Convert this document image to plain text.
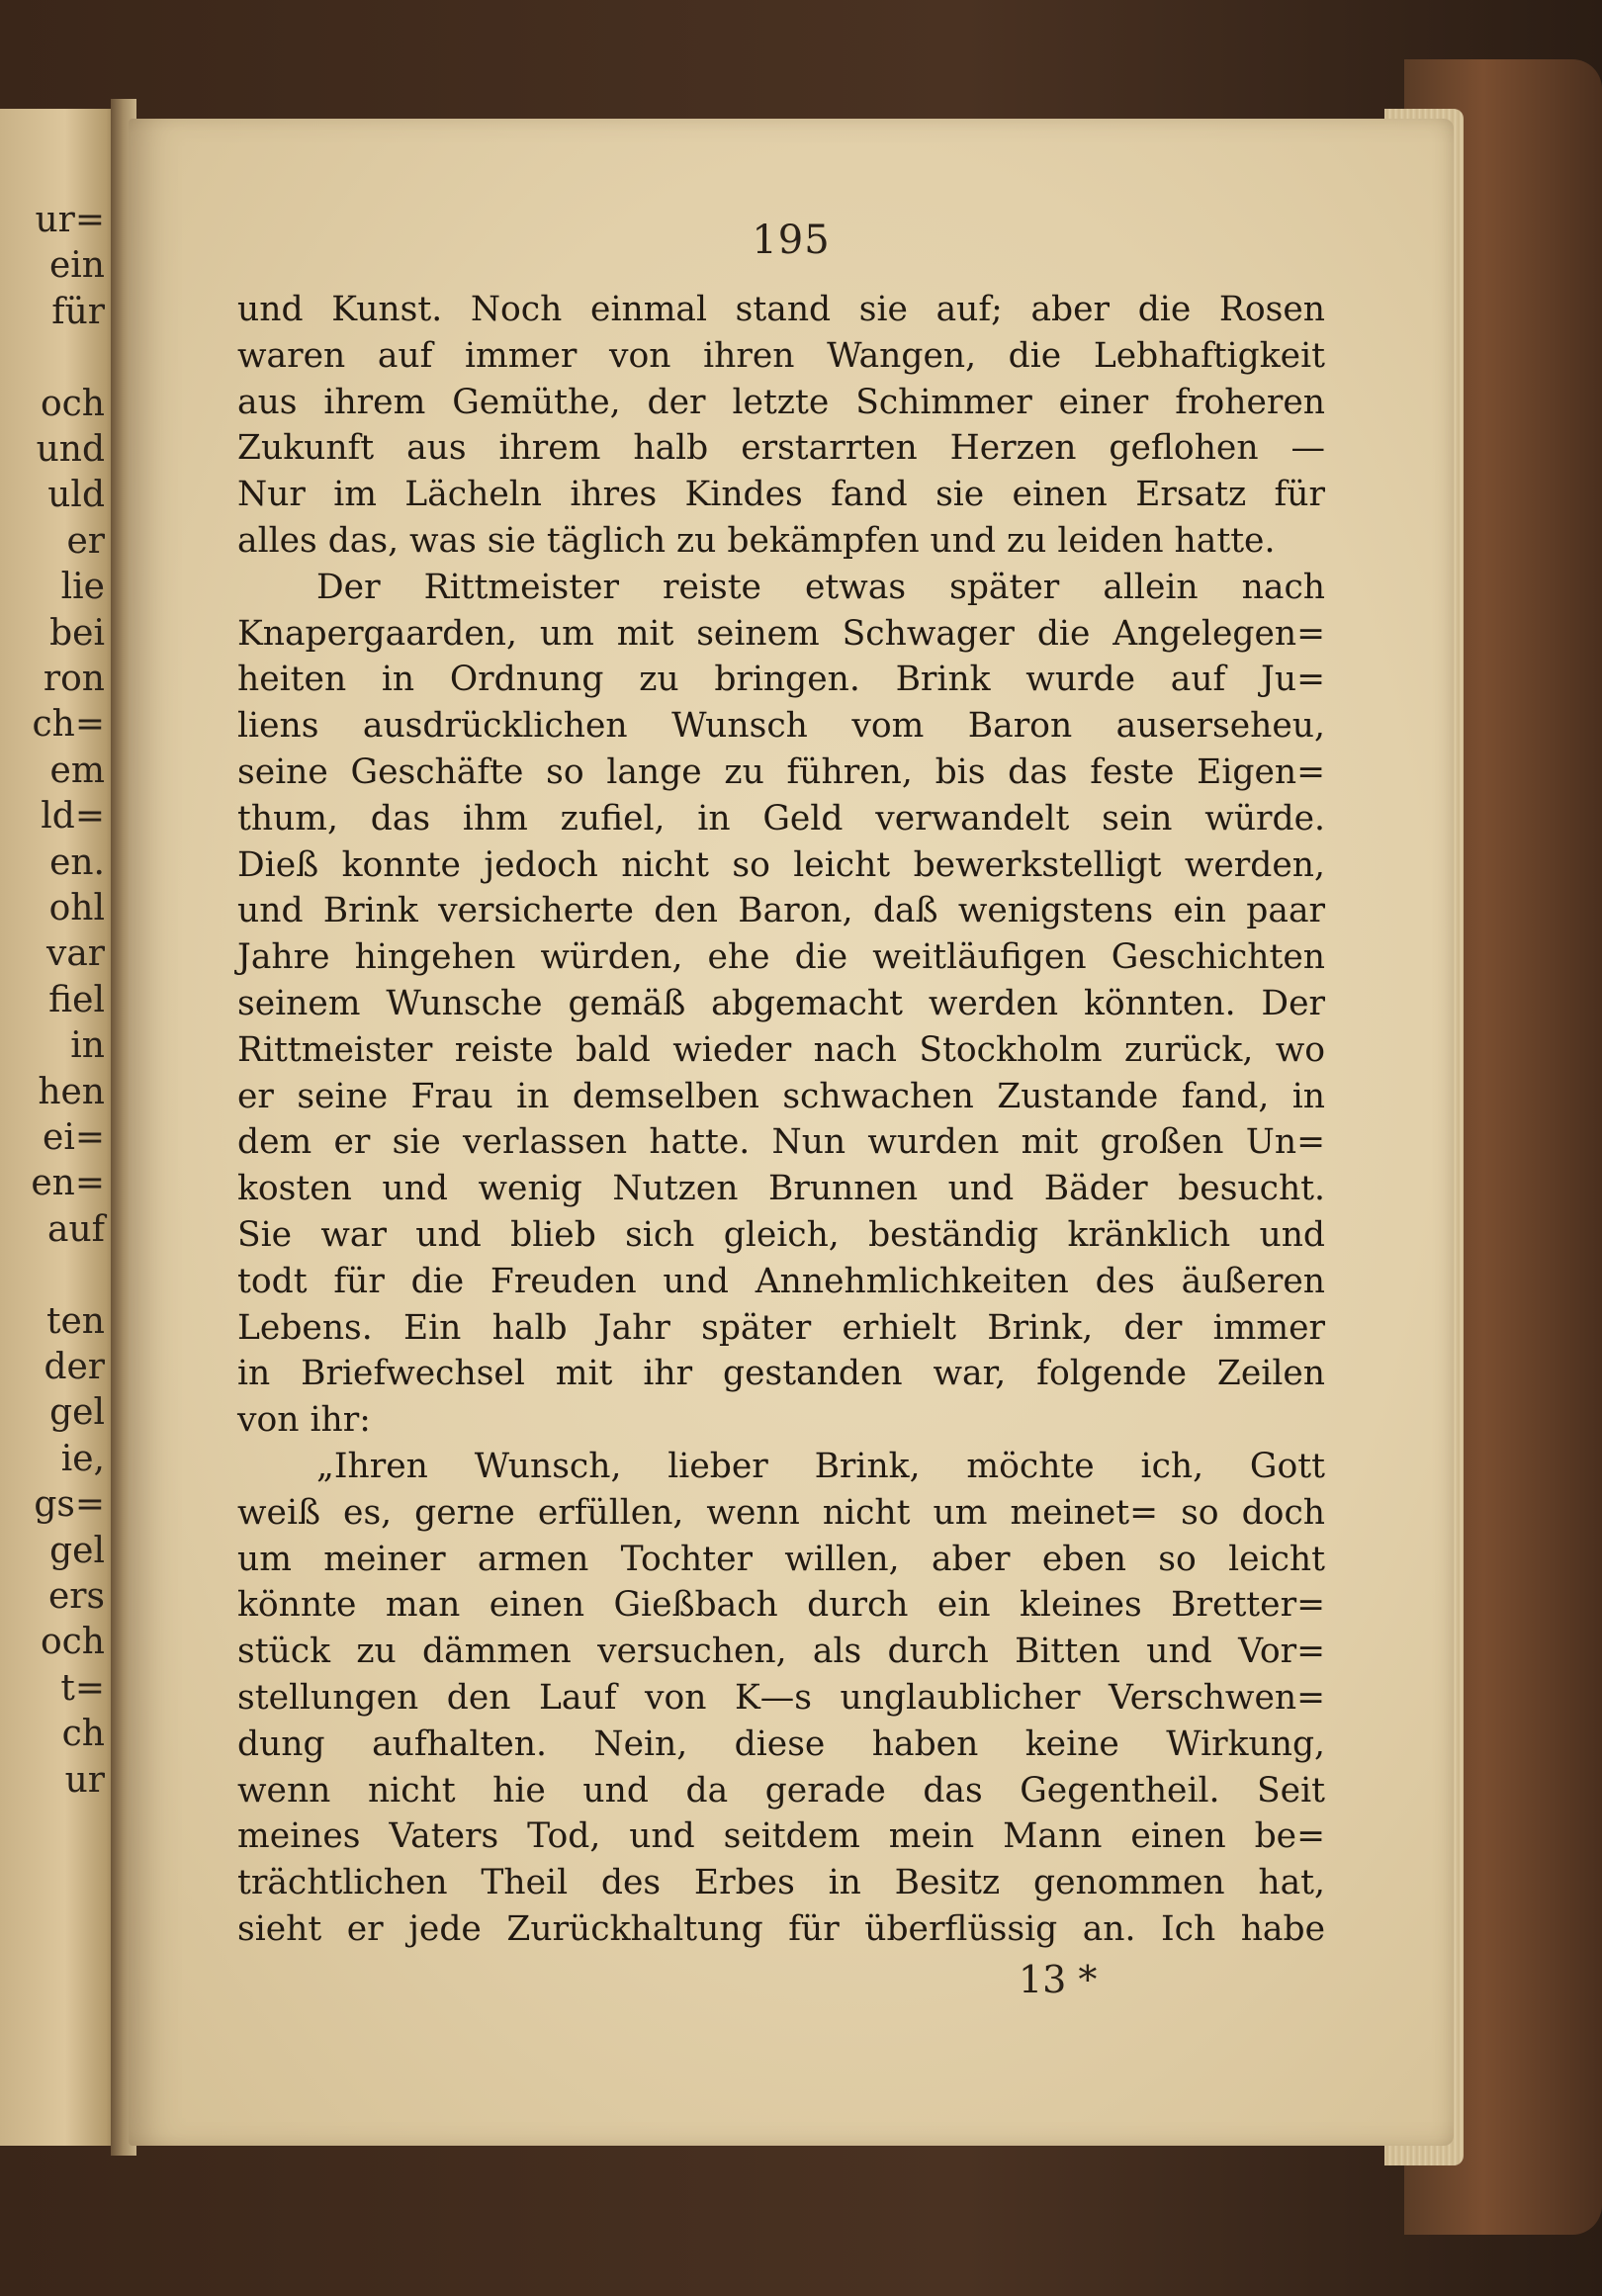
ur=
ein
für
och
und
uld
er
lie
bei
ron
ch=
em
ld=
en.
ohl
var
fiel
in
hen
ei=
en=
auf
ten
der
gel
ie,
gs=
gel
ers
och
t=
ch
ur
195
und Kunst. Noch einmal stand sie auf; aber die Rosen
waren auf immer von ihren Wangen, die Lebhaftigkeit
aus ihrem Gemüthe, der letzte Schimmer einer froheren
Zukunft aus ihrem halb erstarrten Herzen geflohen —
Nur im Lächeln ihres Kindes fand sie einen Ersatz für
alles das, was sie täglich zu bekämpfen und zu leiden hatte.
Der Rittmeister reiste etwas später allein nach
Knapergaarden, um mit seinem Schwager die Angelegen=
heiten in Ordnung zu bringen. Brink wurde auf Ju=
liens ausdrücklichen Wunsch vom Baron auserseheu,
seine Geschäfte so lange zu führen, bis das feste Eigen=
thum, das ihm zufiel, in Geld verwandelt sein würde.
Dieß konnte jedoch nicht so leicht bewerkstelligt werden,
und Brink versicherte den Baron, daß wenigstens ein paar
Jahre hingehen würden, ehe die weitläufigen Geschichten
seinem Wunsche gemäß abgemacht werden könnten. Der
Rittmeister reiste bald wieder nach Stockholm zurück, wo
er seine Frau in demselben schwachen Zustande fand, in
dem er sie verlassen hatte. Nun wurden mit großen Un=
kosten und wenig Nutzen Brunnen und Bäder besucht.
Sie war und blieb sich gleich, beständig kränklich und
todt für die Freuden und Annehmlichkeiten des äußeren
Lebens. Ein halb Jahr später erhielt Brink, der immer
in Briefwechsel mit ihr gestanden war, folgende Zeilen
von ihr:
„Ihren Wunsch, lieber Brink, möchte ich, Gott
weiß es, gerne erfüllen, wenn nicht um meinet= so doch
um meiner armen Tochter willen, aber eben so leicht
könnte man einen Gießbach durch ein kleines Bretter=
stück zu dämmen versuchen, als durch Bitten und Vor=
stellungen den Lauf von K—s unglaublicher Verschwen=
dung aufhalten. Nein, diese haben keine Wirkung,
wenn nicht hie und da gerade das Gegentheil. Seit
meines Vaters Tod, und seitdem mein Mann einen be=
trächtlichen Theil des Erbes in Besitz genommen hat,
sieht er jede Zurückhaltung für überflüssig an. Ich habe
13 *
